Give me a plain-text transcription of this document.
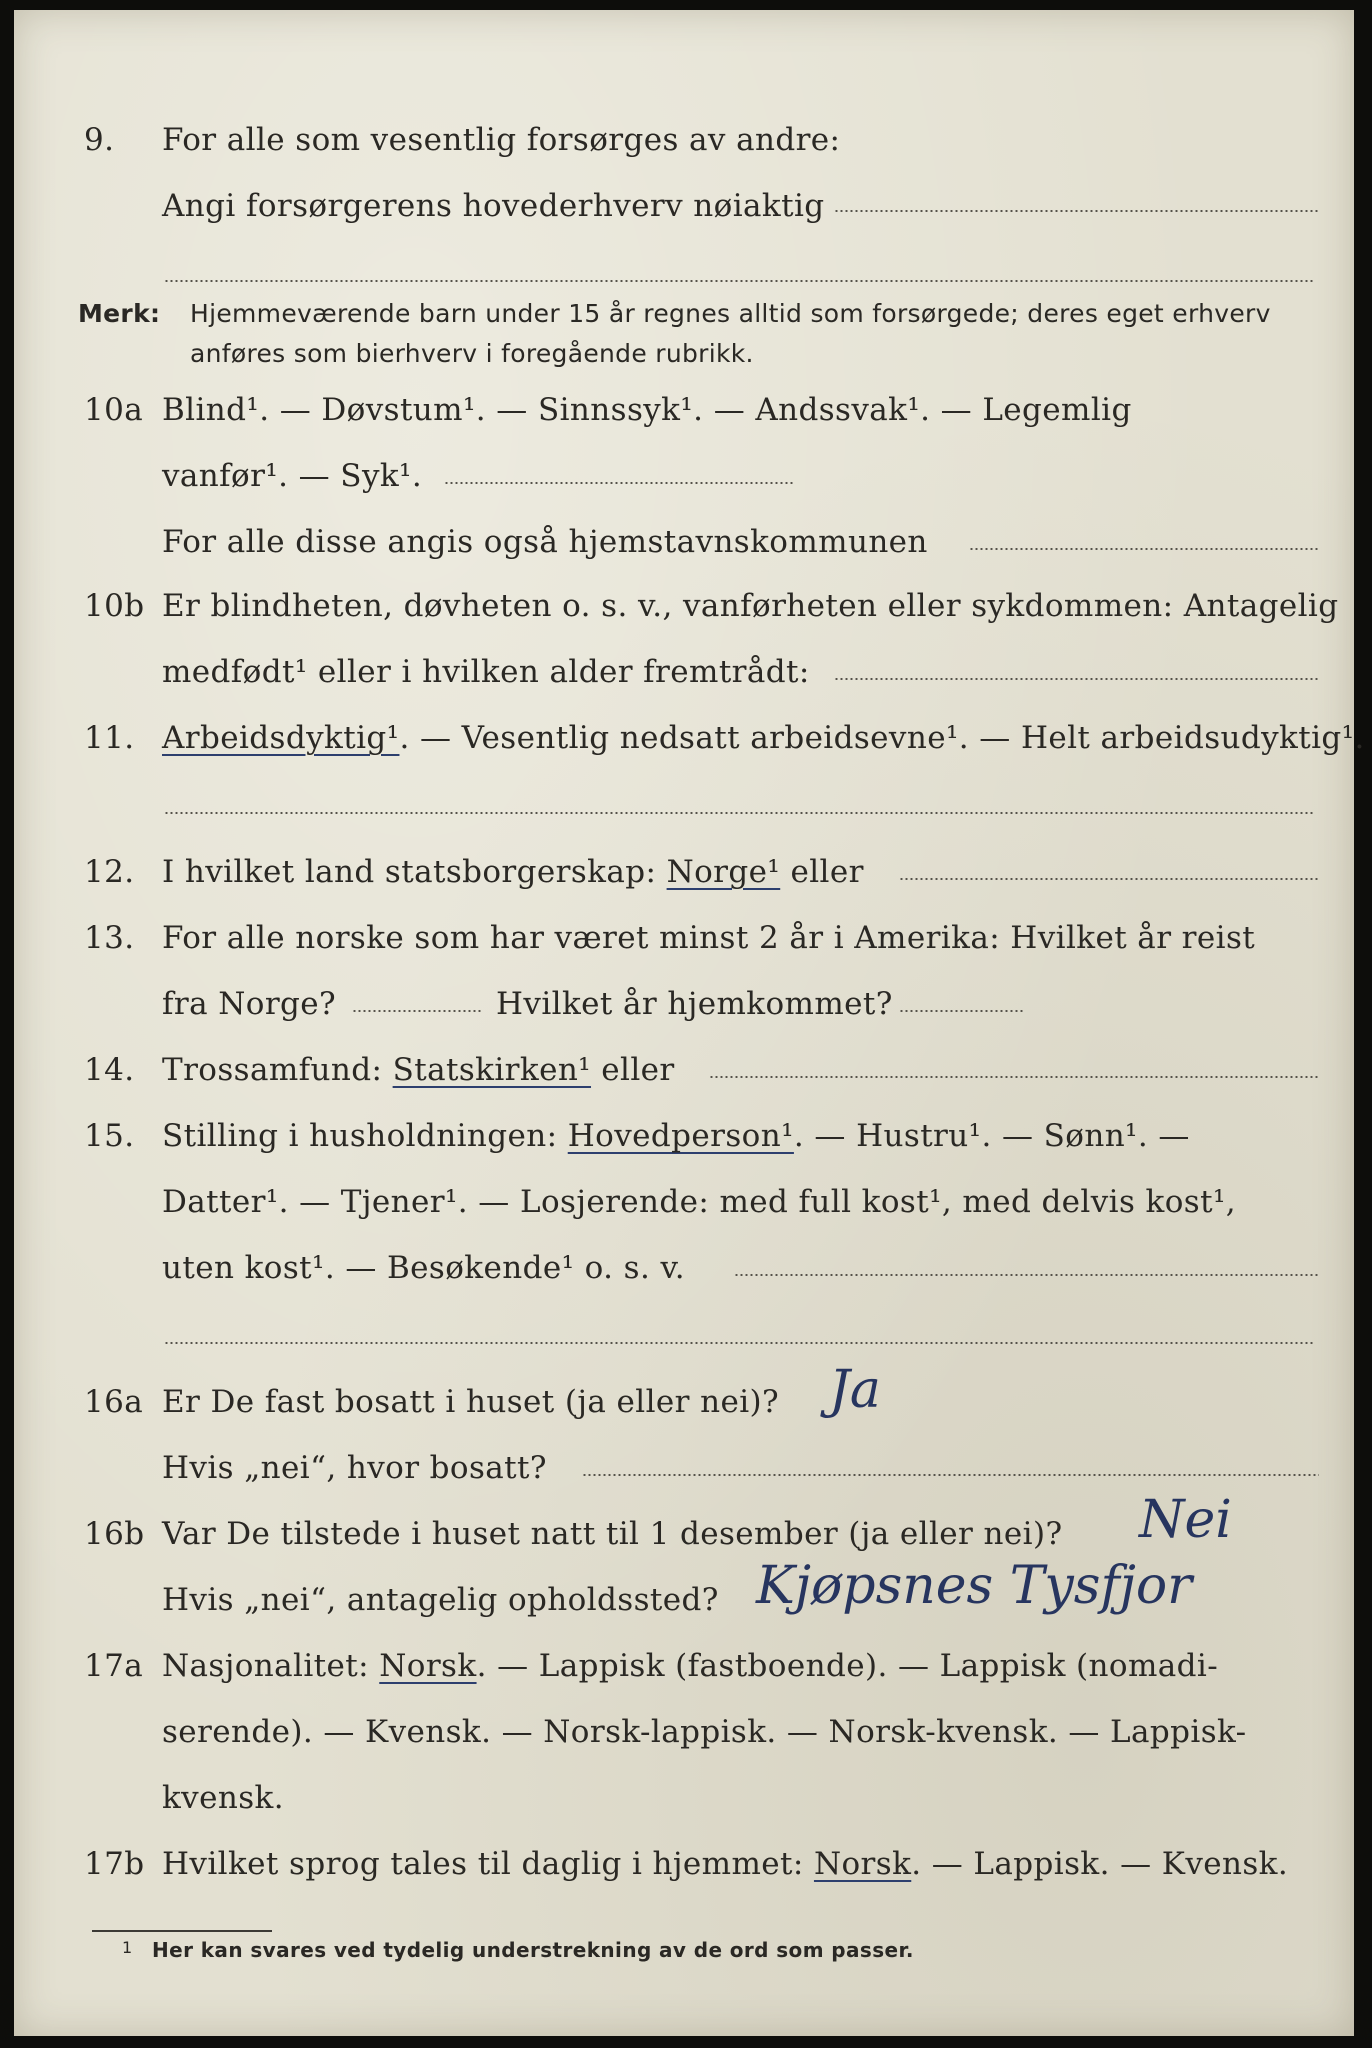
9. For alle som vesentlig forsørges av andre:
Angi forsørgerens hovederhverv nøiaktig
Merk: Hjemmeværende barn under 15 år regnes alltid som forsørgede; deres eget erhverv
anføres som bierhverv i foregående rubrikk.
10a Blind¹. — Døvstum¹. — Sinnssyk¹. — Andssvak¹. — Legemlig
vanfør¹. — Syk¹.
For alle disse angis også hjemstavnskommunen
10b Er blindheten, døvheten o. s. v., vanførheten eller sykdommen: Antagelig
medfødt¹ eller i hvilken alder fremtrådt:
11. Arbeidsdyktig¹. — Vesentlig nedsatt arbeidsevne¹. — Helt arbeidsudyktig¹.
12. I hvilket land statsborgerskap: Norge¹ eller
13. For alle norske som har været minst 2 år i Amerika: Hvilket år reist
fra Norge?	Hvilket år hjemkommet?
14. Trossamfund: Statskirken¹ eller
15. Stilling i husholdningen: Hovedperson¹. — Hustru¹. — Sønn¹. —
Datter¹. — Tjener¹. — Losjerende: med full kost¹, med delvis kost¹,
uten kost¹. — Besøkende¹ o. s. v.
16a Er De fast bosatt i huset (ja eller nei)? Ja
Hvis „nei“, hvor bosatt?
16b Var De tilstede i huset natt til 1 desember (ja eller nei)? Nei
Hvis „nei“, antagelig opholdssted? Kjøpsnes Tysfjor
17a Nasjonalitet: Norsk. — Lappisk (fastboende). — Lappisk (nomadi-
serende). — Kvensk. — Norsk-lappisk. — Norsk-kvensk. — Lappisk-
kvensk.
17b Hvilket sprog tales til daglig i hjemmet: Norsk. — Lappisk. — Kvensk.
1 Her kan svares ved tydelig understrekning av de ord som passer.
